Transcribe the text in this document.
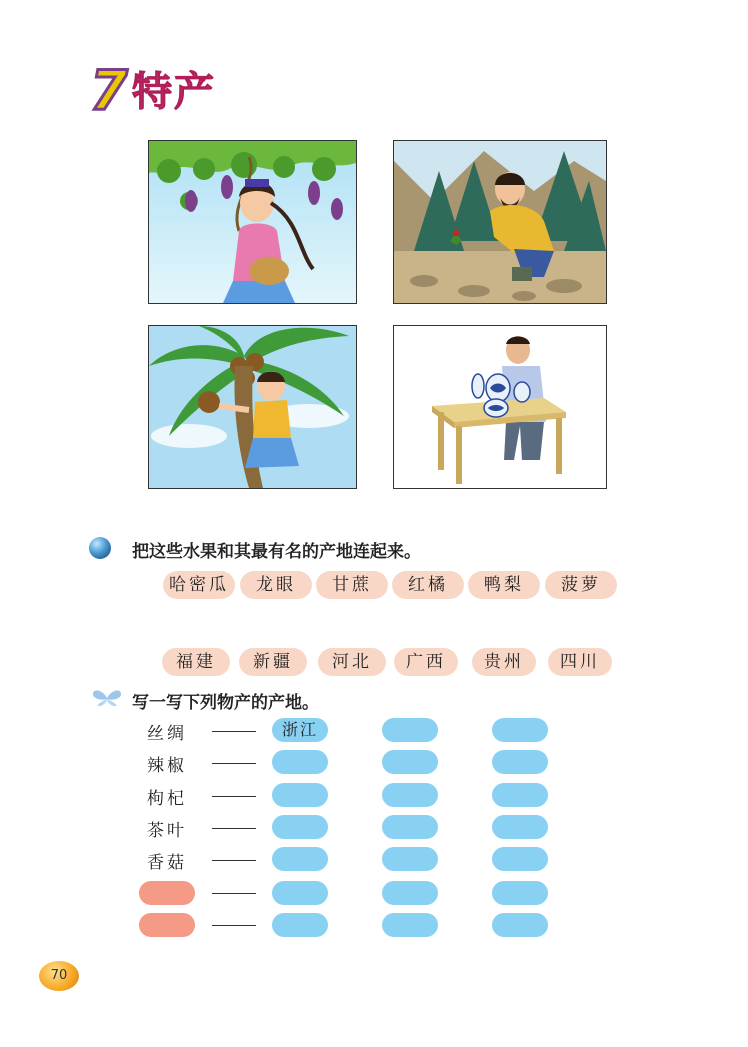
7 特产
把这些水果和其最有名的产地连起来。
哈密瓜	龙眼	甘蔗	红橘	鸭梨	菠萝
福建	新疆	河北	广西	贵州	四川
写一写下列物产的产地。
丝绸	浙江
辣椒
枸杞
茶叶
香菇
70
